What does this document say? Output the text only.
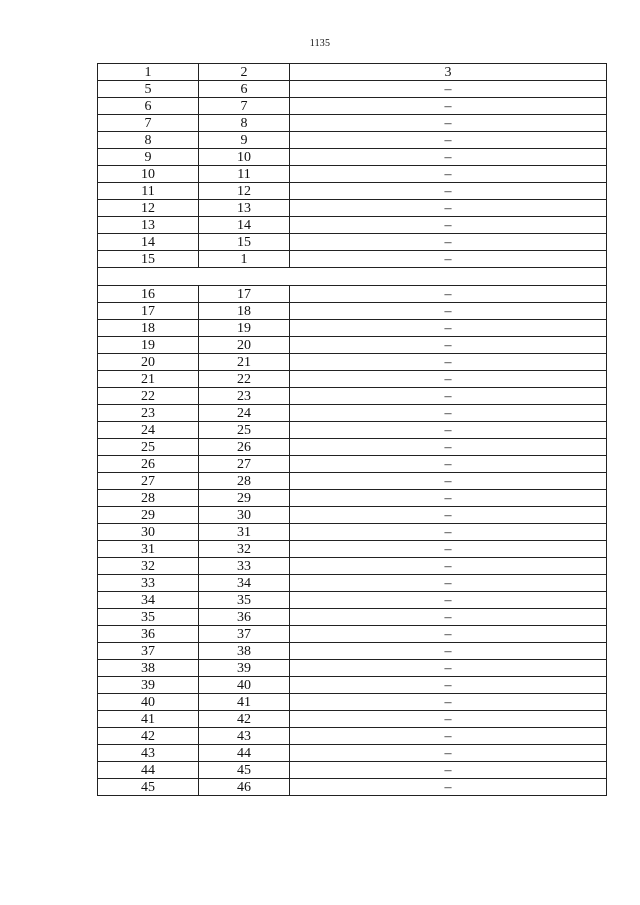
1135
1	2	3
5	6	–
6	7	–
7	8	–
8	9	–
9	10	–
10	11	–
11	12	–
12	13	–
13	14	–
14	15	–
15	1	–

16	17	–
17	18	–
18	19	–
19	20	–
20	21	–
21	22	–
22	23	–
23	24	–
24	25	–
25	26	–
26	27	–
27	28	–
28	29	–
29	30	–
30	31	–
31	32	–
32	33	–
33	34	–
34	35	–
35	36	–
36	37	–
37	38	–
38	39	–
39	40	–
40	41	–
41	42	–
42	43	–
43	44	–
44	45	–
45	46	–
